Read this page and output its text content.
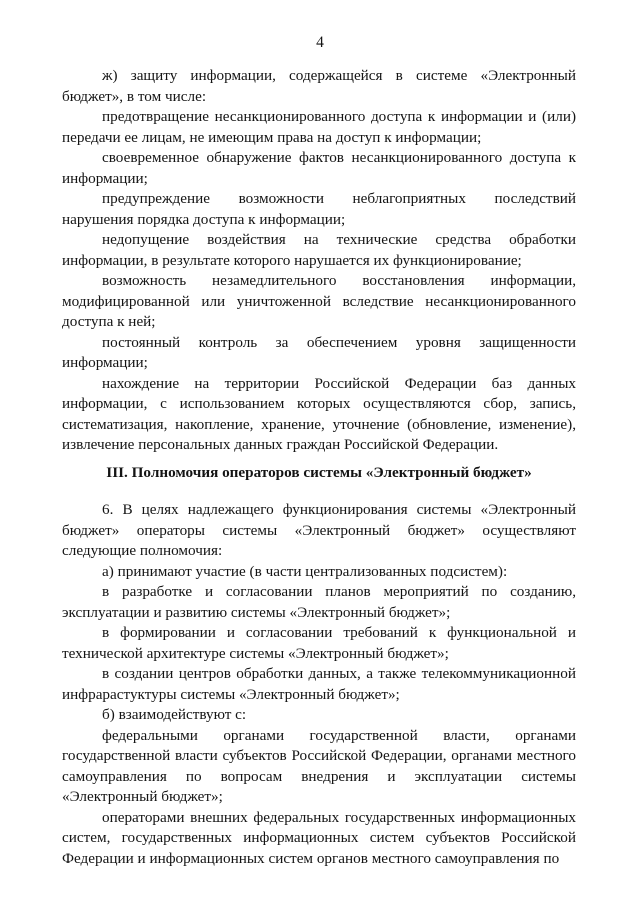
4

ж) защиту информации, содержащейся в системе «Электронный бюджет», в том числе:

предотвращение несанкционированного доступа к информации и (или) передачи ее лицам, не имеющим права на доступ к информации;

своевременное обнаружение фактов несанкционированного доступа к информации;

предупреждение возможности неблагоприятных последствий нарушения порядка доступа к информации;

недопущение воздействия на технические средства обработки информации, в результате которого нарушается их функционирование;

возможность незамедлительного восстановления информации, модифицированной или уничтоженной вследствие несанкционированного доступа к ней;

постоянный контроль за обеспечением уровня защищенности информации;

нахождение на территории Российской Федерации баз данных информации, с использованием которых осуществляются сбор, запись, систематизация, накопление, хранение, уточнение (обновление, изменение), извлечение персональных данных граждан Российской Федерации.

III. Полномочия операторов системы «Электронный бюджет»

6. В целях надлежащего функционирования системы «Электронный бюджет» операторы системы «Электронный бюджет» осуществляют следующие полномочия:

а) принимают участие (в части централизованных подсистем):

в разработке и согласовании планов мероприятий по созданию, эксплуатации и развитию системы «Электронный бюджет»;

в формировании и согласовании требований к функциональной и технической архитектуре системы «Электронный бюджет»;

в создании центров обработки данных, а также телекоммуникационной инфрарастуктуры системы «Электронный бюджет»;

б) взаимодействуют с:

федеральными органами государственной власти, органами государственной власти субъектов Российской Федерации, органами местного самоуправления по вопросам внедрения и эксплуатации системы «Электронный бюджет»;

операторами внешних федеральных государственных информационных систем, государственных информационных систем субъектов Российской Федерации и информационных систем органов местного самоуправления по
